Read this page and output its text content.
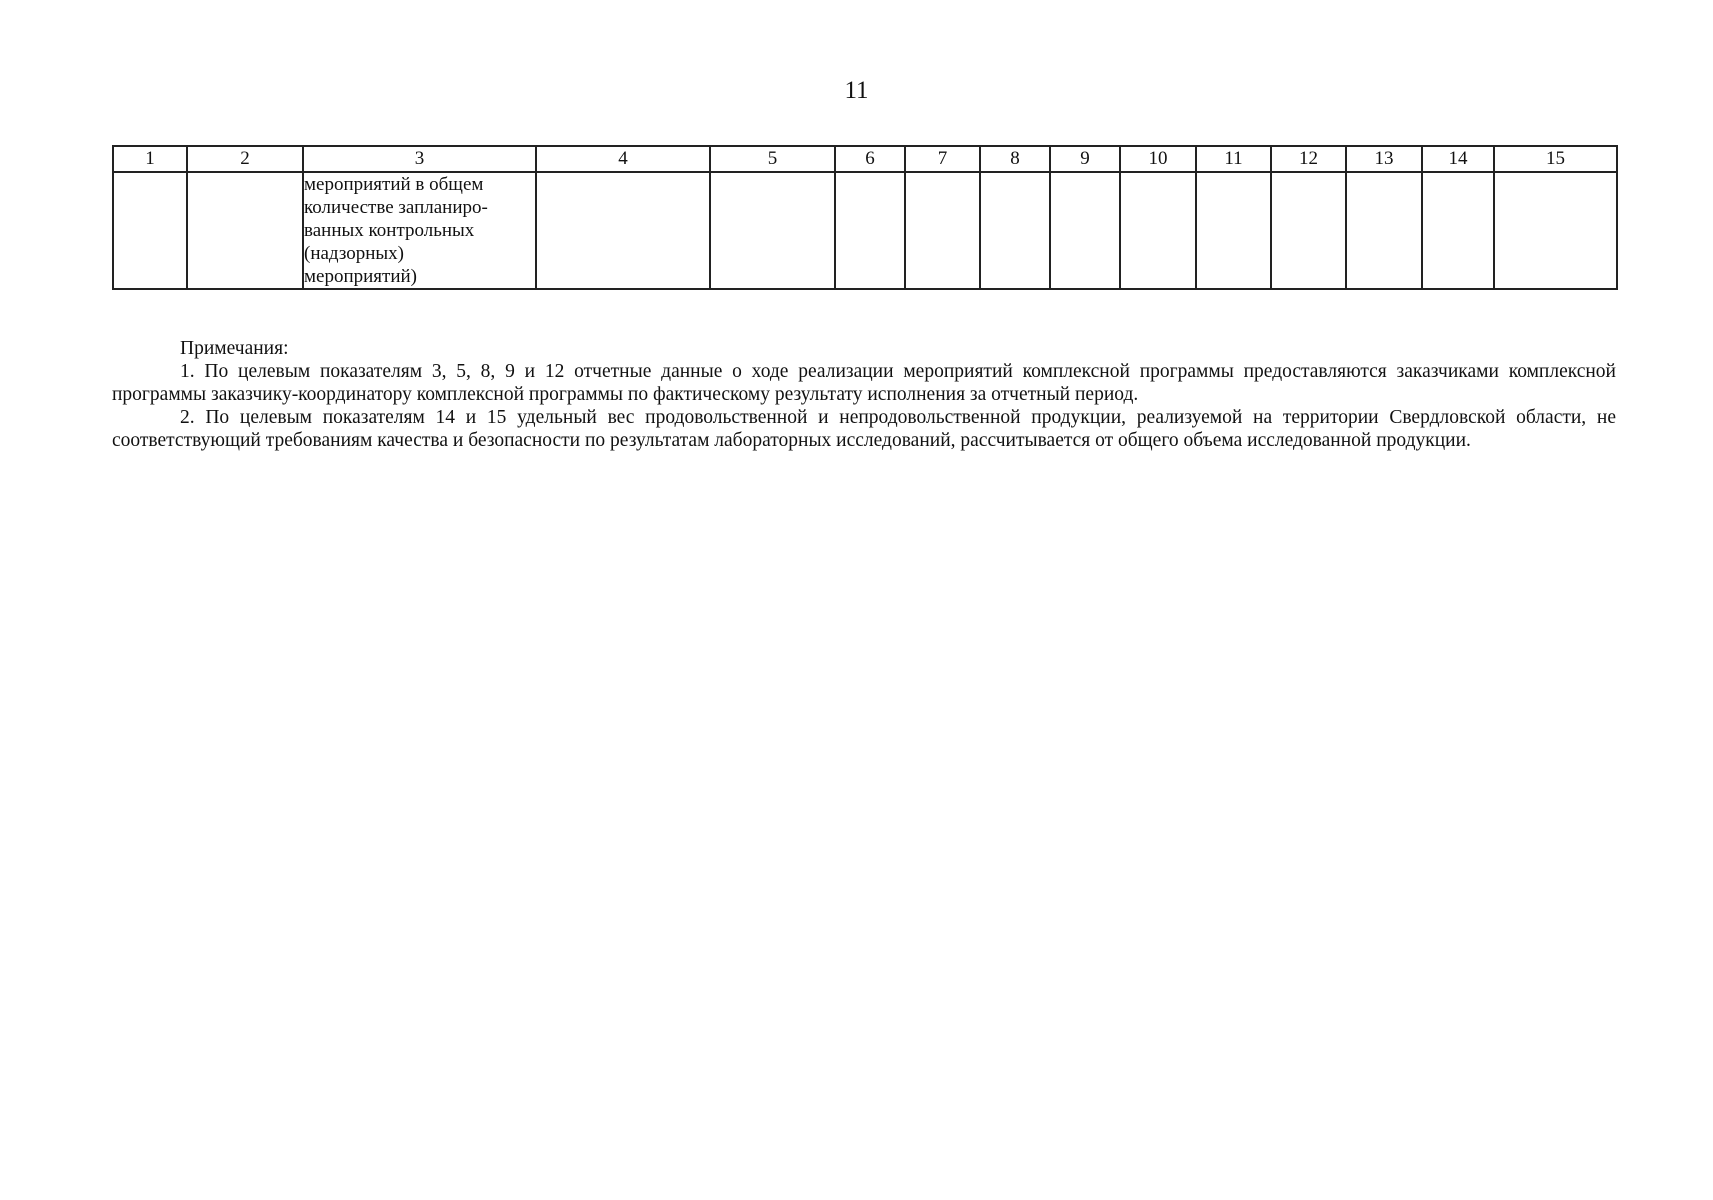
11
1	2	3	4	5	6	7	8	9	10	11	12	13	14	15

		мероприятий в общем
количестве запланиро-
ванных контрольных
(надзорных)
мероприятий)												

Примечания:

1. По целевым показателям 3, 5, 8, 9 и 12 отчетные данные о ходе реализации мероприятий комплексной программы предоставляются заказчиками комплексной программы заказчику-координатору комплексной программы по фактическому результату исполнения за отчетный период.

2. По целевым показателям 14 и 15 удельный вес продовольственной и непродовольственной продукции, реализуемой на территории Свердловской области, не соответствующий требованиям качества и безопасности по результатам лабораторных исследований, рассчитывается от общего объема исследованной продукции.
